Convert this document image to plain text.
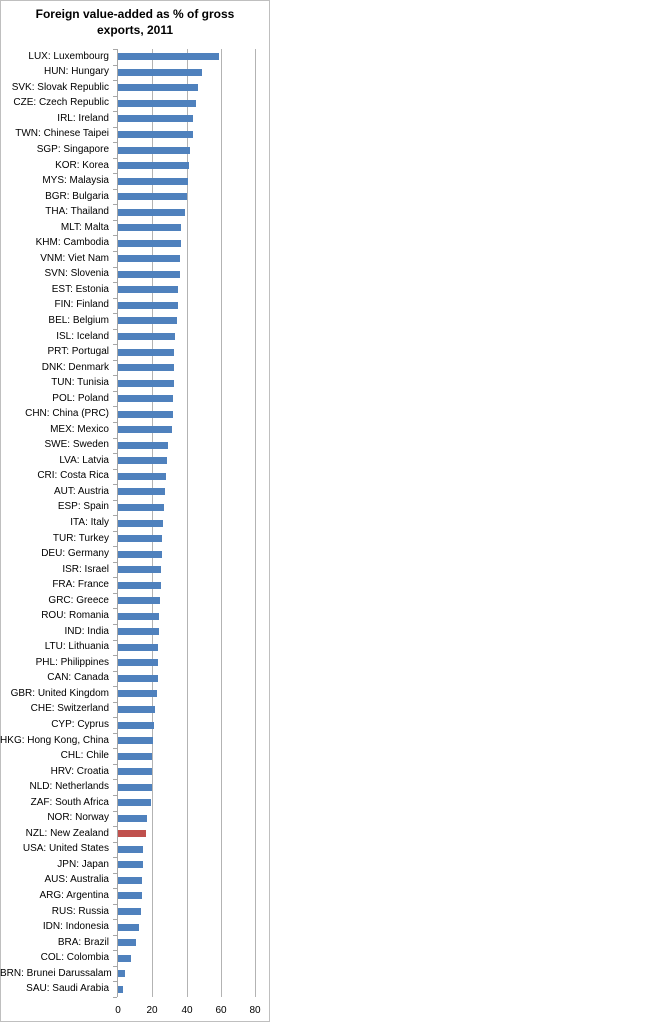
Foreign value-added as % of gross
exports, 2011
LUX: Luxembourg
HUN: Hungary
SVK: Slovak Republic
CZE: Czech Republic
IRL: Ireland
TWN: Chinese Taipei
SGP: Singapore
KOR: Korea
MYS: Malaysia
BGR: Bulgaria
THA: Thailand
MLT: Malta
KHM: Cambodia
VNM: Viet Nam
SVN: Slovenia
EST: Estonia
FIN: Finland
BEL: Belgium
ISL: Iceland
PRT: Portugal
DNK: Denmark
TUN: Tunisia
POL: Poland
CHN: China (PRC)
MEX: Mexico
SWE: Sweden
LVA: Latvia
CRI: Costa Rica
AUT: Austria
ESP: Spain
ITA: Italy
TUR: Turkey
DEU: Germany
ISR: Israel
FRA: France
GRC: Greece
ROU: Romania
IND: India
LTU: Lithuania
PHL: Philippines
CAN: Canada
GBR: United Kingdom
CHE: Switzerland
CYP: Cyprus
HKG: Hong Kong, China
CHL: Chile
HRV: Croatia
NLD: Netherlands
ZAF: South Africa
NOR: Norway
NZL: New Zealand
USA: United States
JPN: Japan
AUS: Australia
ARG: Argentina
RUS: Russia
IDN: Indonesia
BRA: Brazil
COL: Colombia
BRN: Brunei Darussalam
SAU: Saudi Arabia
0	20	40	60	80
